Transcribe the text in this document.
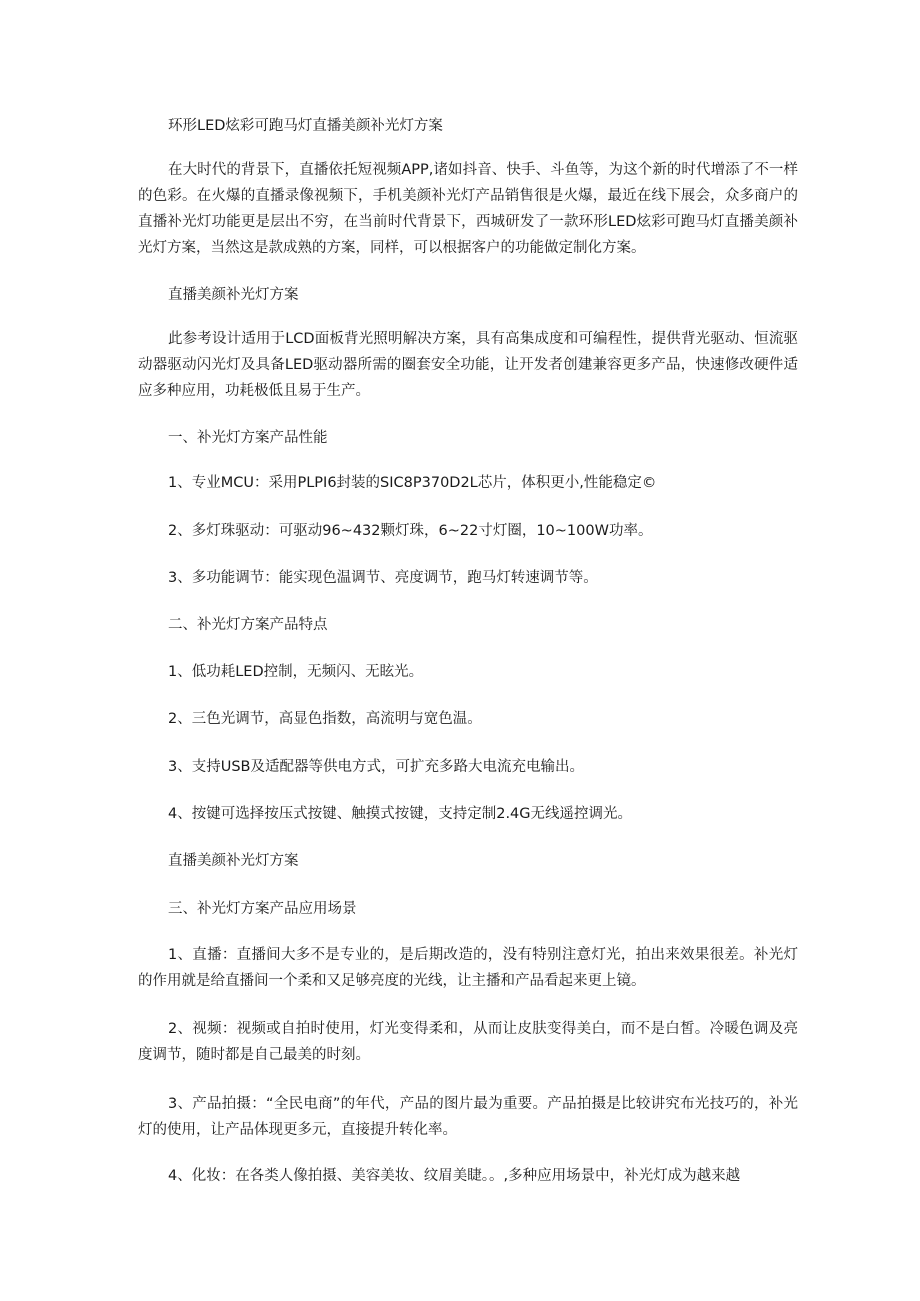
环形LED炫彩可跑马灯直播美颜补光灯方案

在大时代的背景下，直播依托短视频APP,诸如抖音、快手、斗鱼等，为这个新的时代增添了不一样的色彩。在火爆的直播录像视频下，手机美颜补光灯产品销售很是火爆，最近在线下展会，众多商户的直播补光灯功能更是层出不穷，在当前时代背景下，西城研发了一款环形LED炫彩可跑马灯直播美颜补光灯方案，当然这是款成熟的方案，同样，可以根据客户的功能做定制化方案。

直播美颜补光灯方案

此参考设计适用于LCD面板背光照明解决方案，具有高集成度和可编程性，提供背光驱动、恒流驱动器驱动闪光灯及具备LED驱动器所需的圈套安全功能，让开发者创建兼容更多产品，快速修改硬件适应多种应用，功耗极低且易于生产。

一、补光灯方案产品性能

1、专业MCU：采用PLPI6封装的SIC8P370D2L芯片，体积更小,性能稳定©

2、多灯珠驱动：可驱动96~432颗灯珠，6~22寸灯圈，10~100W功率。

3、多功能调节：能实现色温调节、亮度调节，跑马灯转速调节等。

二、补光灯方案产品特点

1、低功耗LED控制，无频闪、无眩光。

2、三色光调节，高显色指数，高流明与宽色温。

3、支持USB及适配器等供电方式，可扩充多路大电流充电输出。

4、按键可选择按压式按键、触摸式按键，支持定制2.4G无线遥控调光。

直播美颜补光灯方案

三、补光灯方案产品应用场景

1、直播：直播间大多不是专业的，是后期改造的，没有特别注意灯光，拍出来效果很差。补光灯的作用就是给直播间一个柔和又足够亮度的光线，让主播和产品看起来更上镜。

2、视频：视频或自拍时使用，灯光变得柔和，从而让皮肤变得美白，而不是白皙。冷暖色调及亮度调节，随时都是自己最美的时刻。

3、产品拍摄：“全民电商”的年代，产品的图片最为重要。产品拍摄是比较讲究布光技巧的，补光灯的使用，让产品体现更多元，直接提升转化率。

4、化妆：在各类人像拍摄、美容美妆、纹眉美睫。。,多种应用场景中，补光灯成为越来越
